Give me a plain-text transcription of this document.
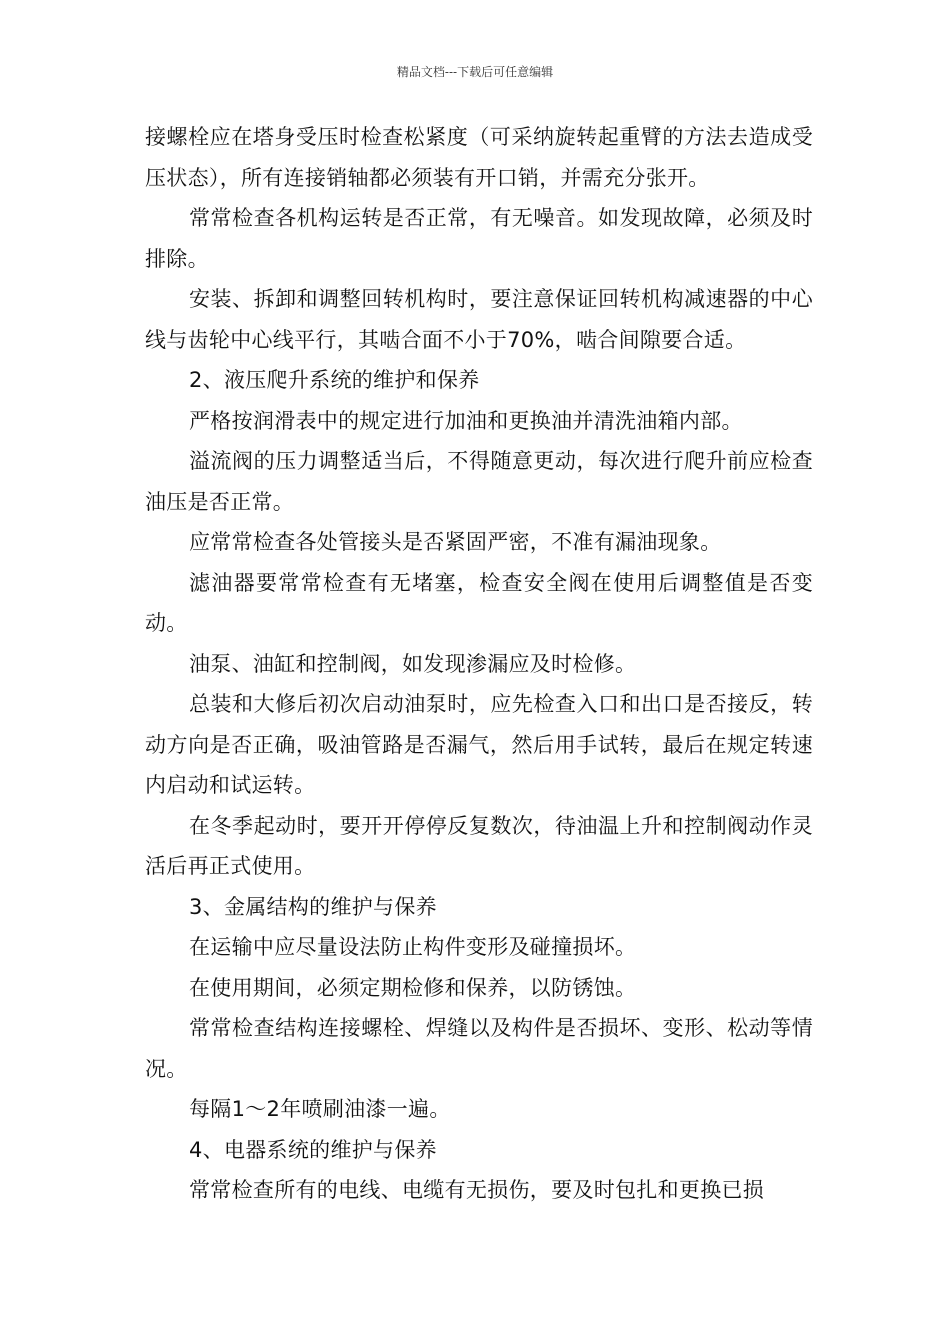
精品文档---下载后可任意编辑

接螺栓应在塔身受压时检查松紧度（可采纳旋转起重臂的方法去造成受压状态），所有连接销轴都必须装有开口销，并需充分张开。

常常检查各机构运转是否正常，有无噪音。如发现故障，必须及时排除。

安装、拆卸和调整回转机构时，要注意保证回转机构减速器的中心线与齿轮中心线平行，其啮合面不小于70%，啮合间隙要合适。

2、液压爬升系统的维护和保养

严格按润滑表中的规定进行加油和更换油并清洗油箱内部。

溢流阀的压力调整适当后，不得随意更动，每次进行爬升前应检查油压是否正常。

应常常检查各处管接头是否紧固严密，不准有漏油现象。

滤油器要常常检查有无堵塞，检查安全阀在使用后调整值是否变动。

油泵、油缸和控制阀，如发现渗漏应及时检修。

总装和大修后初次启动油泵时，应先检查入口和出口是否接反，转动方向是否正确，吸油管路是否漏气，然后用手试转，最后在规定转速内启动和试运转。

在冬季起动时，要开开停停反复数次，待油温上升和控制阀动作灵活后再正式使用。

3、金属结构的维护与保养

在运输中应尽量设法防止构件变形及碰撞损坏。

在使用期间，必须定期检修和保养，以防锈蚀。

常常检查结构连接螺栓、焊缝以及构件是否损坏、变形、松动等情况。

每隔1～2年喷刷油漆一遍。

4、电器系统的维护与保养

常常检查所有的电线、电缆有无损伤，要及时包扎和更换已损
